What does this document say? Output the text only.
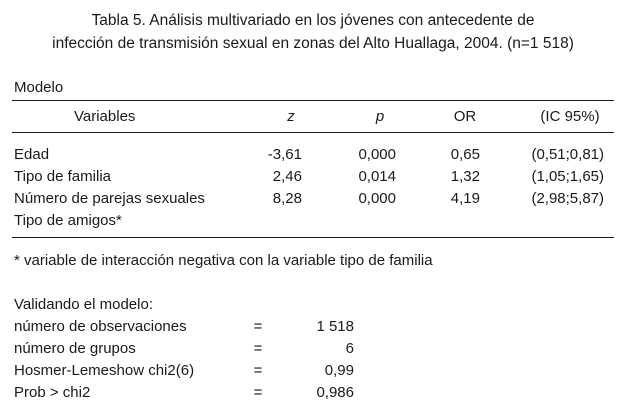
Tabla 5. Análisis multivariado en los jóvenes con antecedente de
infección de transmisión sexual en zonas del Alto Huallaga, 2004. (n=1 518)
Modelo
Variables	z	p	OR	(IC 95%)
Edad	-3,61	0,000	0,65	(0,51;0,81)
Tipo de familia	2,46	0,014	1,32	(1,05;1,65)
Número de parejas sexuales	8,28	0,000	4,19	(2,98;5,87)
Tipo de amigos*
* variable de interacción negativa con la variable tipo de familia
Validando el modelo:
número de observaciones	=	1 518
número de grupos	=	6
Hosmer-Lemeshow chi2(6)	=	0,99
Prob > chi2	=	0,986
